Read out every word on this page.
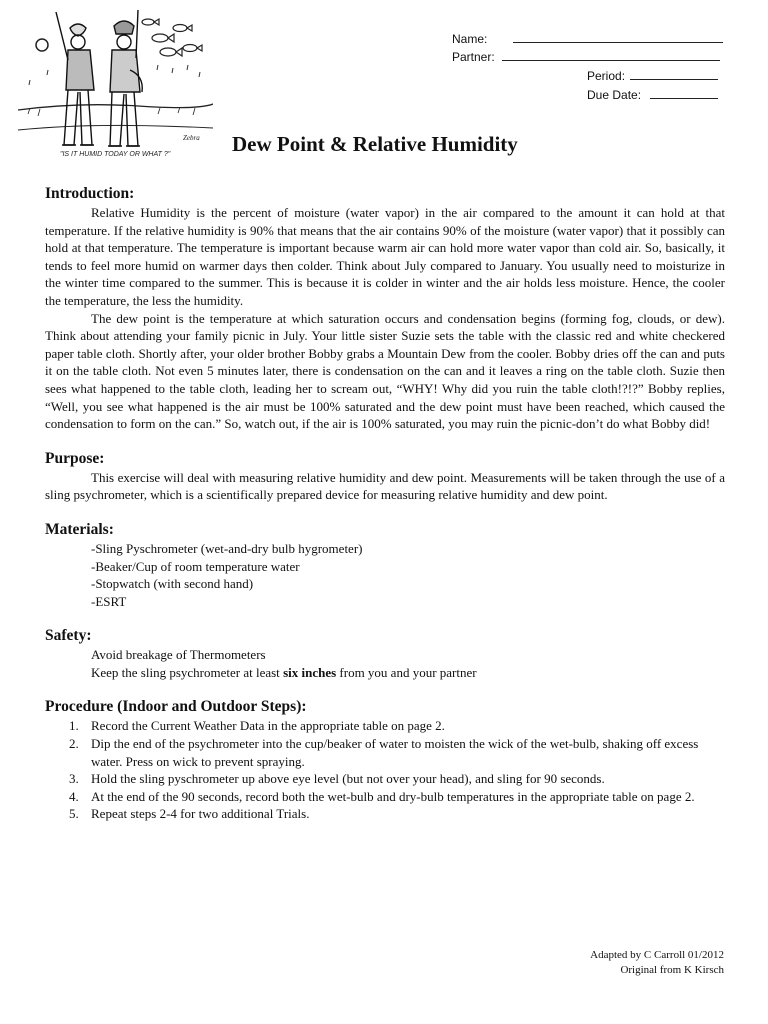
Zebra
"IS IT HUMID TODAY OR WHAT ?"
Name:
Partner:
Period:
Due Date:
Dew Point & Relative Humidity
Introduction:

Relative Humidity is the percent of moisture (water vapor) in the air compared to the amount it can hold at that temperature. If the relative humidity is 90% that means that the air contains 90% of the moisture (water vapor) that it possibly can hold at that temperature. The temperature is important because warm air can hold more water vapor than cold air. So, basically, it tends to feel more humid on warmer days then colder. Think about July compared to January. You usually need to moisturize in the winter time compared to the summer. This is because it is colder in winter and the air holds less moisture. Hence, the cooler the temperature, the less the humidity.

The dew point is the temperature at which saturation occurs and condensation begins (forming fog, clouds, or dew). Think about attending your family picnic in July. Your little sister Suzie sets the table with the classic red and white checkered paper table cloth. Shortly after, your older brother Bobby grabs a Mountain Dew from the cooler. Bobby dries off the can and puts it on the table cloth. Not even 5 minutes later, there is condensation on the can and it leaves a ring on the table cloth. Suzie then sees what happened to the table cloth, leading her to scream out, “WHY! Why did you ruin the table cloth!?!?” Bobby replies, “Well, you see what happened is the air must be 100% saturated and the dew point must have been reached, which caused the condensation to form on the can.” So, watch out, if the air is 100% saturated, you may ruin the picnic-don’t do what Bobby did!

Purpose:

This exercise will deal with measuring relative humidity and dew point. Measurements will be taken through the use of a sling psychrometer, which is a scientifically prepared device for measuring relative humidity and dew point.

Materials:
-Sling Pyschrometer (wet-and-dry bulb hygrometer)
-Beaker/Cup of room temperature water
-Stopwatch (with second hand)
-ESRT
Safety:
Avoid breakage of Thermometers
Keep the sling psychrometer at least six inches from you and your partner
Procedure (Indoor and Outdoor Steps):
1. Record the Current Weather Data in the appropriate table on page 2.
2. Dip the end of the psychrometer into the cup/beaker of water to moisten the wick of the wet-bulb, shaking off excess water. Press on wick to prevent spraying.
3. Hold the sling pyschrometer up above eye level (but not over your head), and sling for 90 seconds.
4. At the end of the 90 seconds, record both the wet-bulb and dry-bulb temperatures in the appropriate table on page 2.
5. Repeat steps 2-4 for two additional Trials.
Adapted by C Carroll 01/2012
Original from K Kirsch
